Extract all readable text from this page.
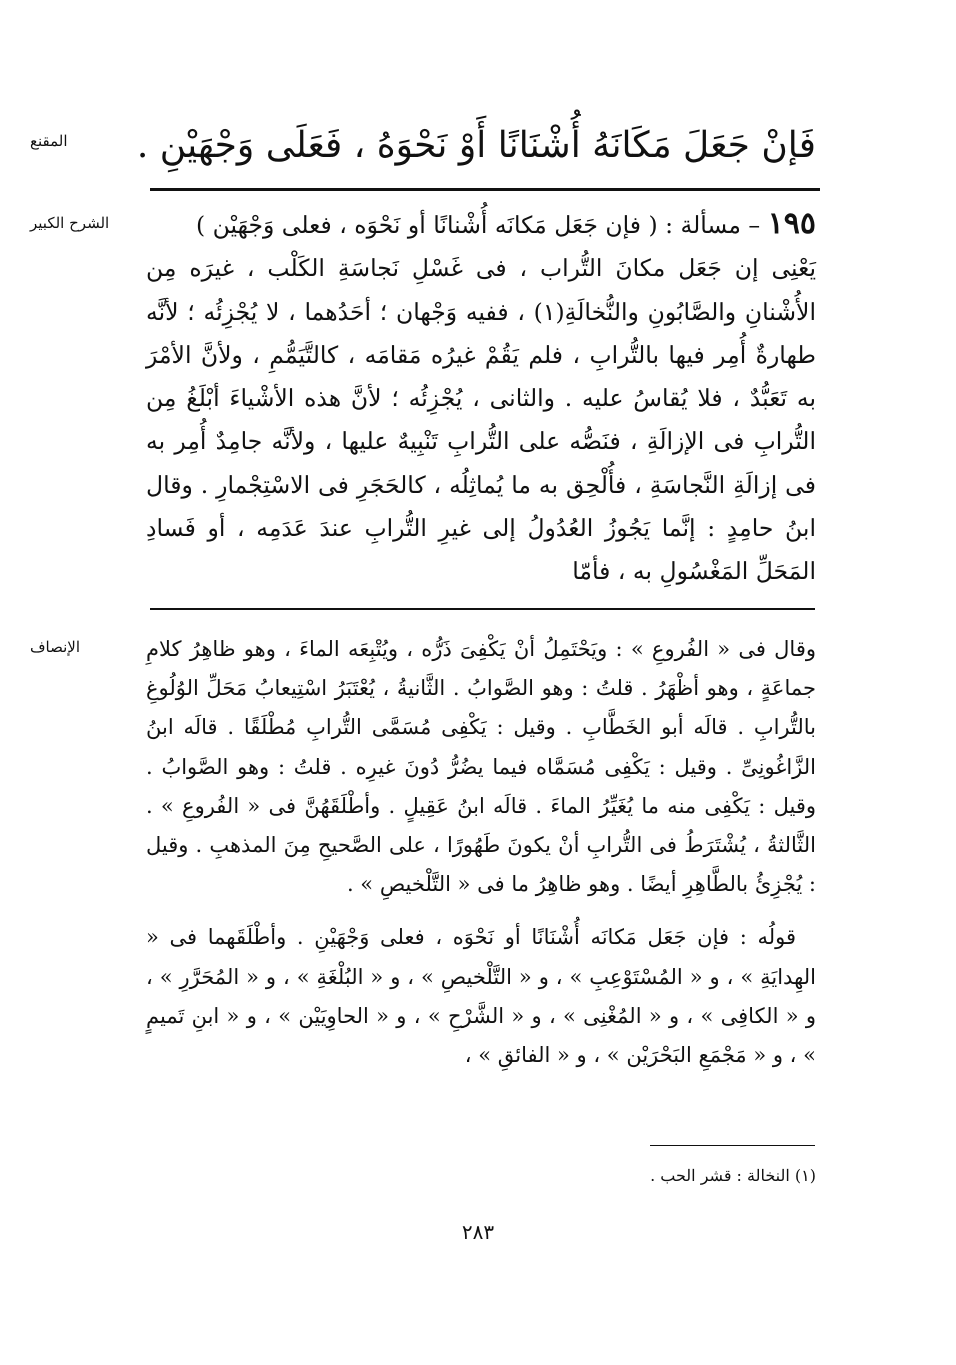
المقنع
الشرح الكبير
الإنصاف

فَإنْ جَعَلَ مَكَانَهُ أُشْنَانًا أَوْ نَحْوَهُ ، فَعَلَى وَجْهَيْنِ .

١٩٥ – مسألة : ( فإن جَعَل مَكانَه أُشْنانًا أو نَحْوَه ، فعلى وَجْهَيْن )
يَعْنِى إن جَعَل مكانَ التُّراب ، فى غَسْلِ نَجاسَةِ الكَلْب ، غيرَه مِن الأُشْنانِ والصَّابُونِ والنُّخالَةِ(١) ، ففيه وَجْهان ؛ أحَدُهما ، لا يُجْزِئُه ؛ لأنَّه طهارةٌ أُمِر فيها بالتُّرابِ ، فلم يَقُمْ غيرُه مَقامَه ، كالتَّيَمُّمِ ، ولأنَّ الأمْرَ به تَعَبُّدٌ ، فلا يُقاسُ عليه . والثانى ، يُجْزِئُه ؛ لأنَّ هذه الأشْياءَ أبْلَغُ مِن التُّرابِ فى الإزالَةِ ، فنَصُّه على التُّرابِ تَنْبِيهٌ عليها ، ولأنَّه جامِدٌ أُمِر به فى إزالَةِ النَّجاسَةِ ، فأُلْحِق به ما يُماثِلُه ، كالحَجَرِ فى الاسْتِجْمارِ . وقال ابنُ حامِدٍ : إنَّما يَجُوزُ العُدُولُ إلى غيرِ التُّرابِ عندَ عَدَمِه ، أو فَسادِ المَحَلِّ المَغْسُولِ به ، فأمّا

وقال فى « الفُروعِ » : ويَحْتَمِلُ أنْ يَكْفِىَ ذَرُّه ، ويُتْبِعَه الماءَ ، وهو ظاهِرُ كلامِ جماعَةٍ ، وهو أظْهَرُ . قلتُ : وهو الصَّوابُ . الثَّانيةُ ، يُعْتَبَرُ اسْتِيعابُ مَحَلِّ الوُلُوغِ بالتُّرابِ . قالَه أبو الخَطَّابِ . وقيل : يَكْفِى مُسَمَّى التُّرابِ مُطْلَقًا . قالَه ابنُ الزَّاغُونِىِّ . وقيل : يَكْفِى مُسَمَّاه فيما يضُرُّ دُونَ غيرِه . قلتُ : وهو الصَّوابُ . وقيل : يَكْفِى منه ما يُغَيِّرُ الماءَ . قالَه ابنُ عَقِيلٍ . وأطْلَقَهُنَّ فى « الفُروعِ » . الثَّالثةُ ، يُشْتَرَطُ فى التُّرابِ أنْ يكونَ طَهُورًا ، على الصَّحيحِ مِنَ المذهبِ . وقيل : يُجْزِئُ بالطَّاهِرِ أيضًا . وهو ظاهِرُ ما فى « التَّلْخيصِ » .

قولُه : فإن جَعَل مَكانَه أُشْنَانًا أو نَحْوَه ، فعلى وَجْهَيْنِ . وأطْلَقَهما فى « الهِدايَةِ » ، و « المُسْتَوْعِبِ » ، و « التَّلْخيصِ » ، و « البُلْغَةِ » ، و « المُحَرَّرِ » ، و « الكافِى » ، و « المُغْنِى » ، و « الشَّرْحِ » ، و « الحاوِيَيْن » ، و « ابنِ تَميمٍ » ، و « مَجْمَعِ البَحْرَيْن » ، و « الفائقِ » ،

(١) النخالة : قشر الحب .
٢٨٣
